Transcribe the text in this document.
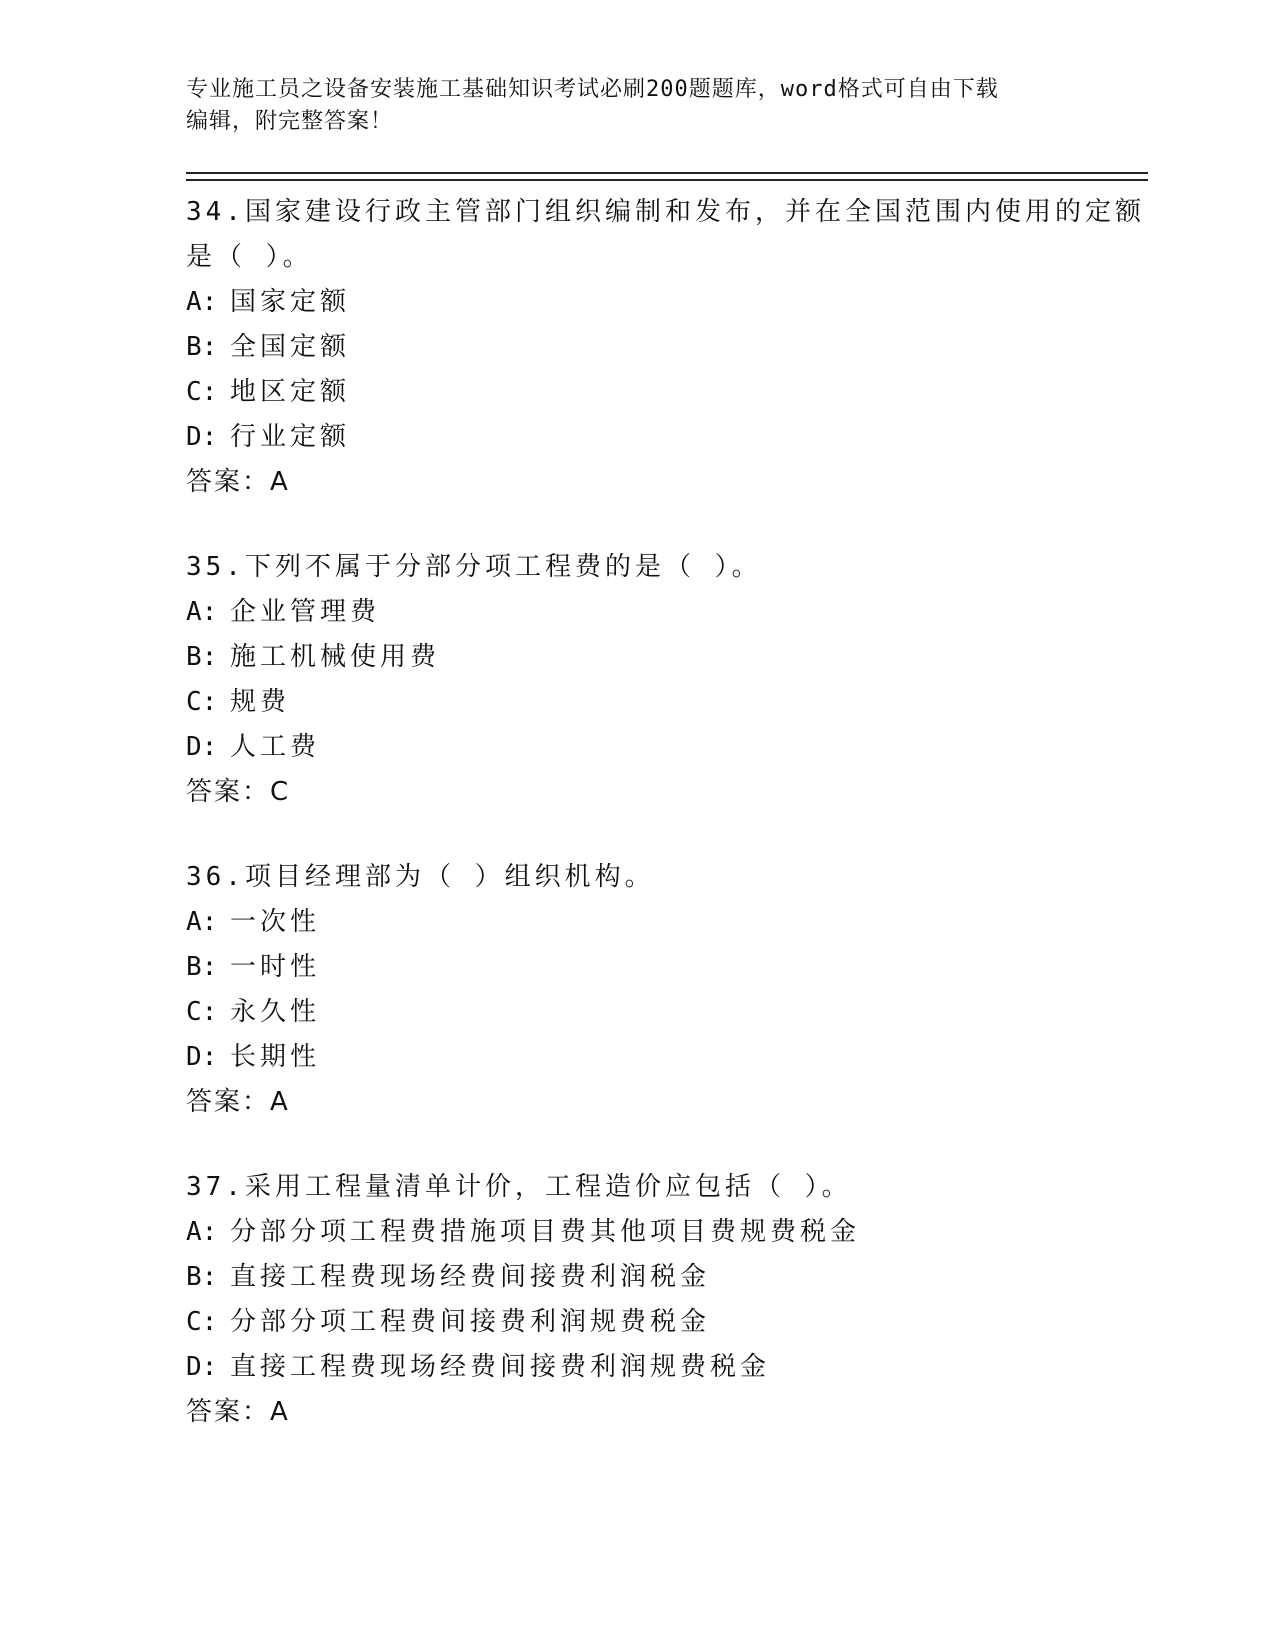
专业施工员之设备安装施工基础知识考试必刷200题题库，word格式可自由下载
编辑，附完整答案！
34.国家建设行政主管部门组织编制和发布，并在全国范围内使用的定额是（ ）。
A: 国家定额
B: 全国定额
C: 地区定额
D: 行业定额
答案：A
35.下列不属于分部分项工程费的是（ ）。
A: 企业管理费
B: 施工机械使用费
C: 规费
D: 人工费
答案：C
36.项目经理部为（ ）组织机构。
A: 一次性
B: 一时性
C: 永久性
D: 长期性
答案：A
37.采用工程量清单计价，工程造价应包括（ ）。
A: 分部分项工程费措施项目费其他项目费规费税金
B: 直接工程费现场经费间接费利润税金
C: 分部分项工程费间接费利润规费税金
D: 直接工程费现场经费间接费利润规费税金
答案：A
